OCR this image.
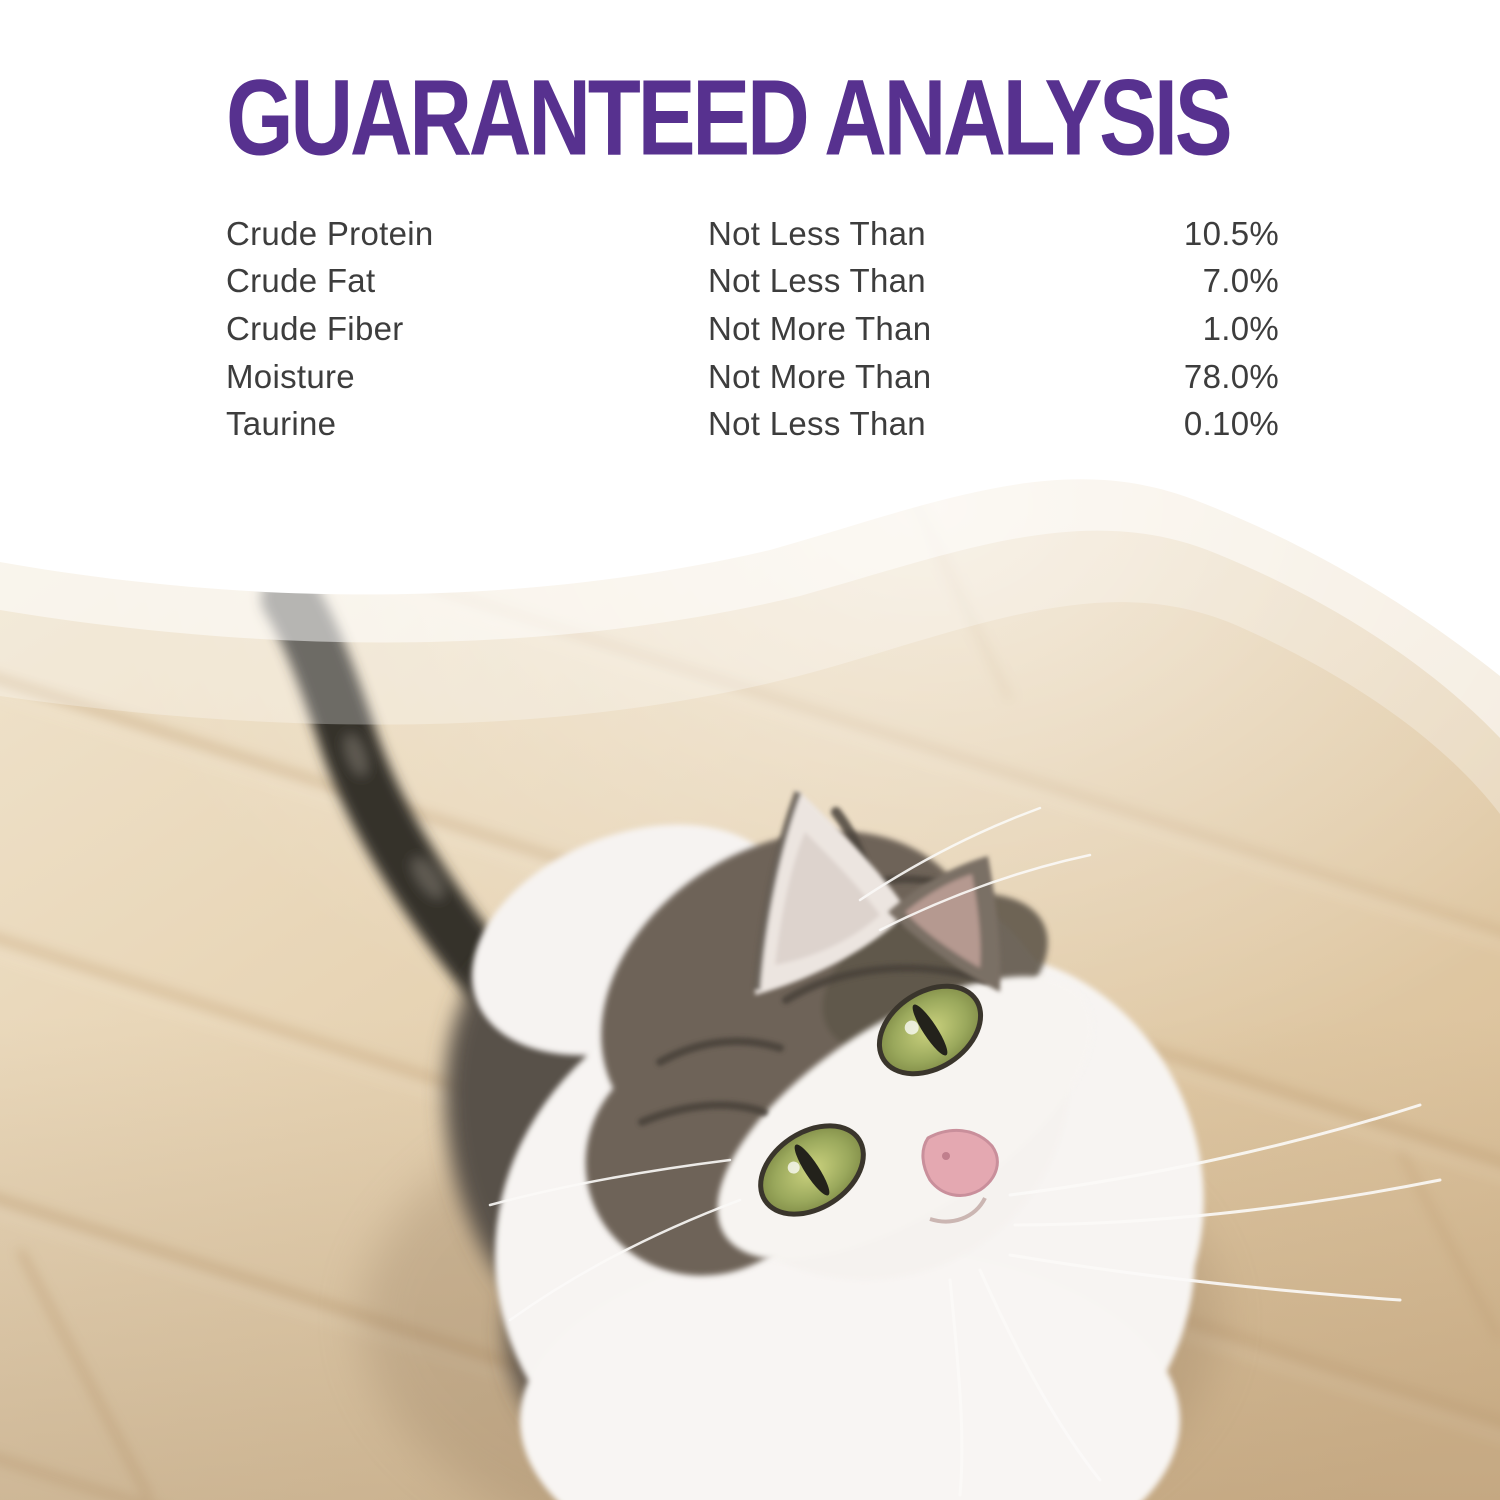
GUARANTEED ANALYSIS
Crude Protein	Not Less Than	10.5%
Crude Fat	Not Less Than	7.0%
Crude Fiber	Not More Than	1.0%
Moisture	Not More Than	78.0%
Taurine	Not Less Than	0.10%
